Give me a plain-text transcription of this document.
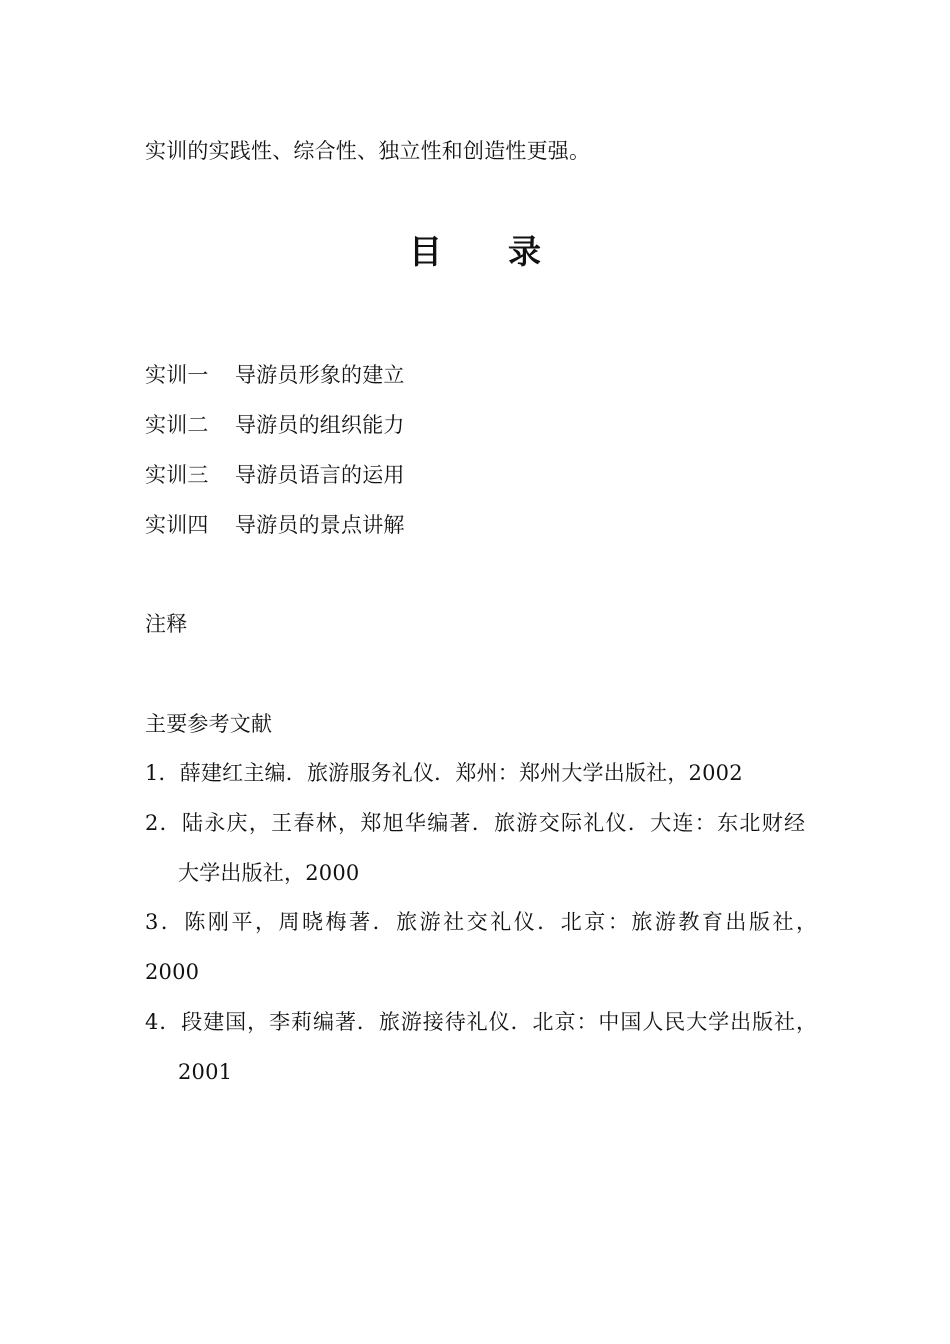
实训的实践性、综合性、独立性和创造性更强。
目 录
实训一 导游员形象的建立
实训二 导游员的组织能力
实训三 导游员语言的运用
实训四 导游员的景点讲解
注释
主要参考文献
1．薛建红主编．旅游服务礼仪．郑州：郑州大学出版社，2002
2．陆永庆，王春林，郑旭华编著．旅游交际礼仪．大连：东北财经
大学出版社，2000
3．陈刚平，周晓梅著．旅游社交礼仪．北京：旅游教育出版社，
2000
4．段建国，李莉编著．旅游接待礼仪．北京：中国人民大学出版社，
2001
